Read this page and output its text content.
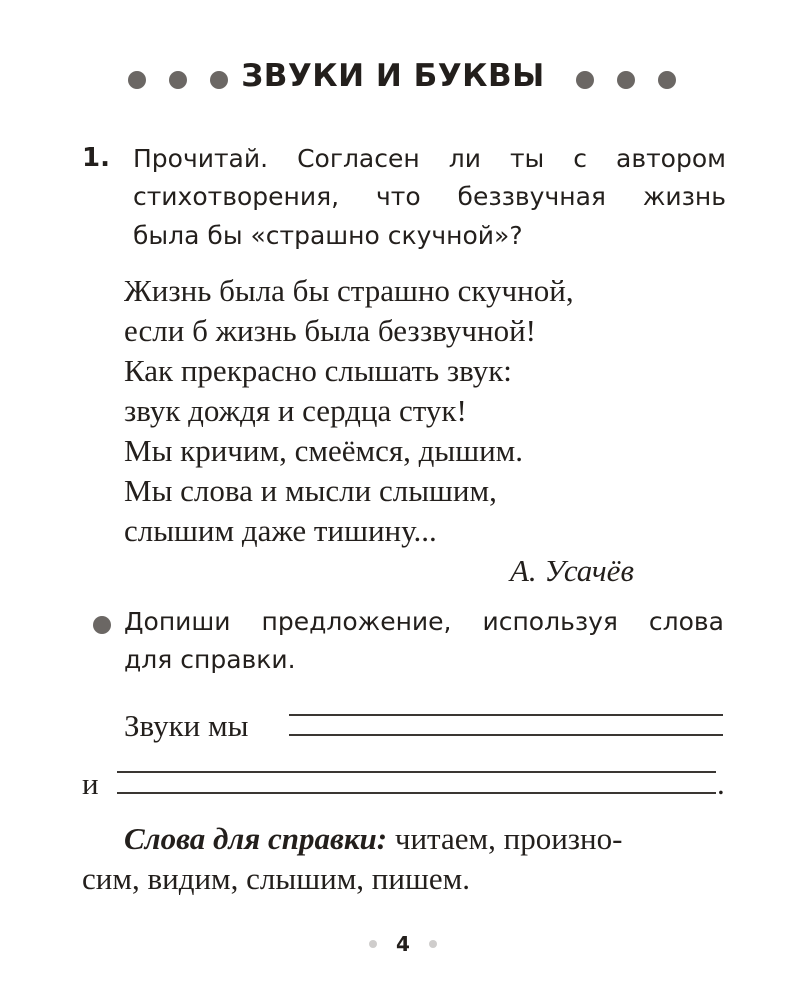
ЗВУКИ И БУКВЫ
1. Прочитай. Согласен ли ты с автором
стихотворения, что беззвучная жизнь
была бы «страшно скучной»?
Жизнь была бы страшно скучной,
если б жизнь была беззвучной!
Как прекрасно слышать звук:
звук дождя и сердца стук!
Мы кричим, смеёмся, дышим.
Мы слова и мысли слышим,
слышим даже тишину...
А. Усачёв
Допиши предложение, используя слова
для справки.
Звуки мы
и	.
Слова для справки: читаем, произно-
сим, видим, слышим, пишем.
4
